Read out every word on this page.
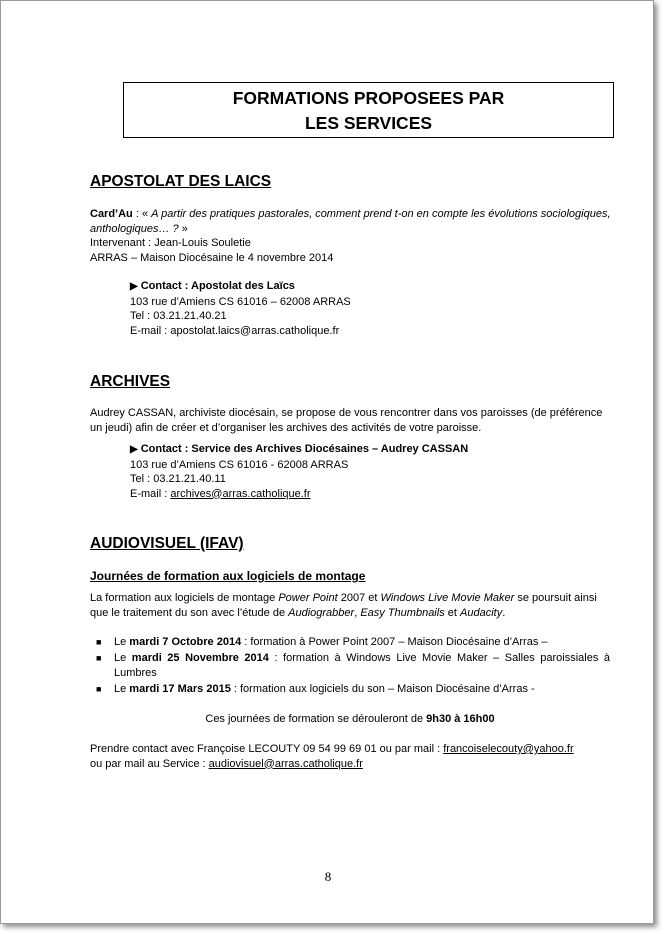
FORMATIONS PROPOSEES PAR
LES SERVICES
APOSTOLAT DES LAICS
Card’Au : « A partir des pratiques pastorales, comment prend t-on en compte les évolutions sociologiques,
anthologiques… ? »
Intervenant : Jean-Louis Souletie
ARRAS – Maison Diocésaine le 4 novembre 2014
▶ Contact : Apostolat des Laïcs
103 rue d’Amiens CS 61016 – 62008 ARRAS
Tel : 03.21.21.40.21
E-mail : apostolat.laics@arras.catholique.fr
ARCHIVES
Audrey CASSAN, archiviste diocésain, se propose de vous rencontrer dans vos paroisses (de préférence
un jeudi) afin de créer et d’organiser les archives des activités de votre paroisse.
▶ Contact : Service des Archives Diocésaines – Audrey CASSAN
103 rue d’Amiens CS 61016 - 62008 ARRAS
Tel : 03.21.21.40.11
E-mail : archives@arras.catholique.fr
AUDIOVISUEL (IFAV)
Journées de formation aux logiciels de montage
La formation aux logiciels de montage Power Point 2007 et Windows Live Movie Maker se poursuit ainsi
que le traitement du son avec l’étude de Audiograbber, Easy Thumbnails et Audacity.
■ Le mardi 7 Octobre 2014 : formation à Power Point 2007 – Maison Diocésaine d’Arras –
■ Le mardi 25 Novembre 2014 : formation à Windows Live Movie Maker – Salles paroissiales à
Lumbres
■ Le mardi 17 Mars 2015 : formation aux logiciels du son – Maison Diocésaine d’Arras -
Ces journées de formation se dérouleront de 9h30 à 16h00
Prendre contact avec Françoise LECOUTY 09 54 99 69 01 ou par mail : francoiselecouty@yahoo.fr
ou par mail au Service : audiovisuel@arras.catholique.fr
8
